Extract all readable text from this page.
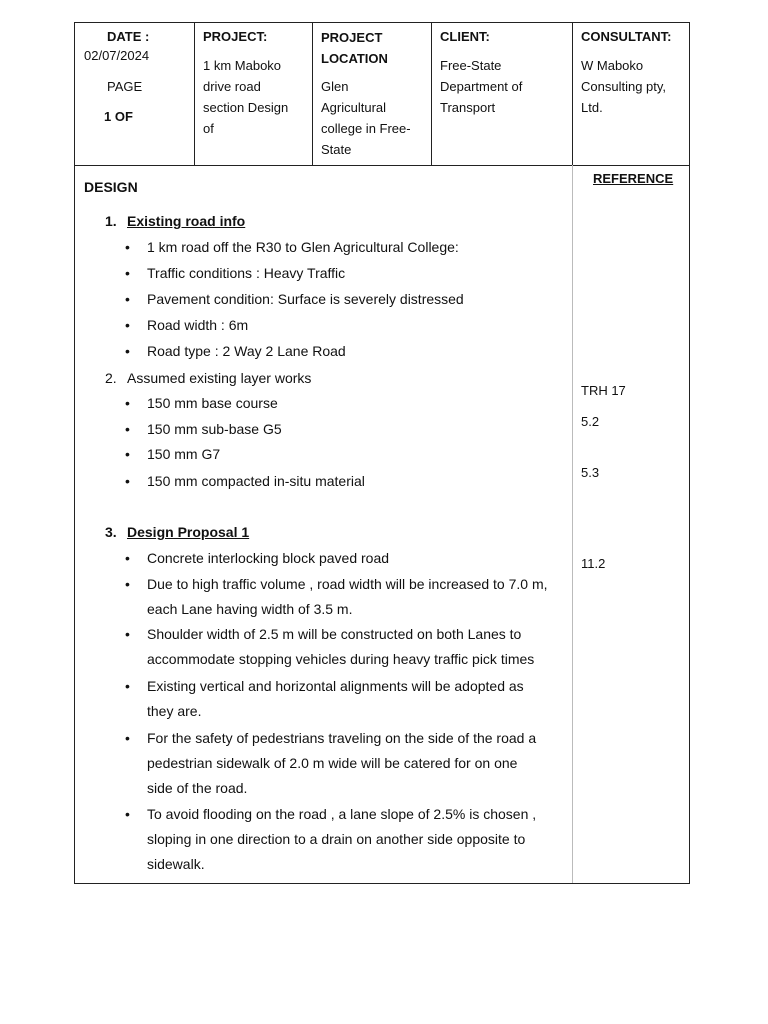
DATE :
02/07/2024
PAGE
1 OF
PROJECT:
1 km Maboko
drive road
section Design
of
PROJECT
LOCATION
Glen
Agricultural
college in Free-
State
CLIENT:
Free-State
Department of
Transport
CONSULTANT:
W Maboko
Consulting pty,
Ltd.
DESIGN
REFERENCE
1. Existing road info
• 1 km road off the R30 to Glen Agricultural College:
• Traffic conditions : Heavy Traffic
• Pavement condition: Surface is severely distressed
• Road width : 6m
• Road type : 2 Way 2 Lane Road
2. Assumed existing layer works
• 150 mm base course
• 150 mm sub-base G5
• 150 mm G7
• 150 mm compacted in-situ material
3. Design Proposal 1
• Concrete interlocking block paved road
• Due to high traffic volume , road width will be increased to 7.0 m, each Lane having width of 3.5 m.
• Shoulder width of 2.5 m will be constructed on both Lanes to accommodate stopping vehicles during heavy traffic pick times
• Existing vertical and horizontal alignments will be adopted as they are.
• For the safety of pedestrians traveling on the side of the road a pedestrian sidewalk of 2.0 m wide will be catered for on one side of the road.
• To avoid flooding on the road , a lane slope of 2.5% is chosen , sloping in one direction to a drain on another side opposite to sidewalk.
TRH 17
5.2
5.3
11.2
